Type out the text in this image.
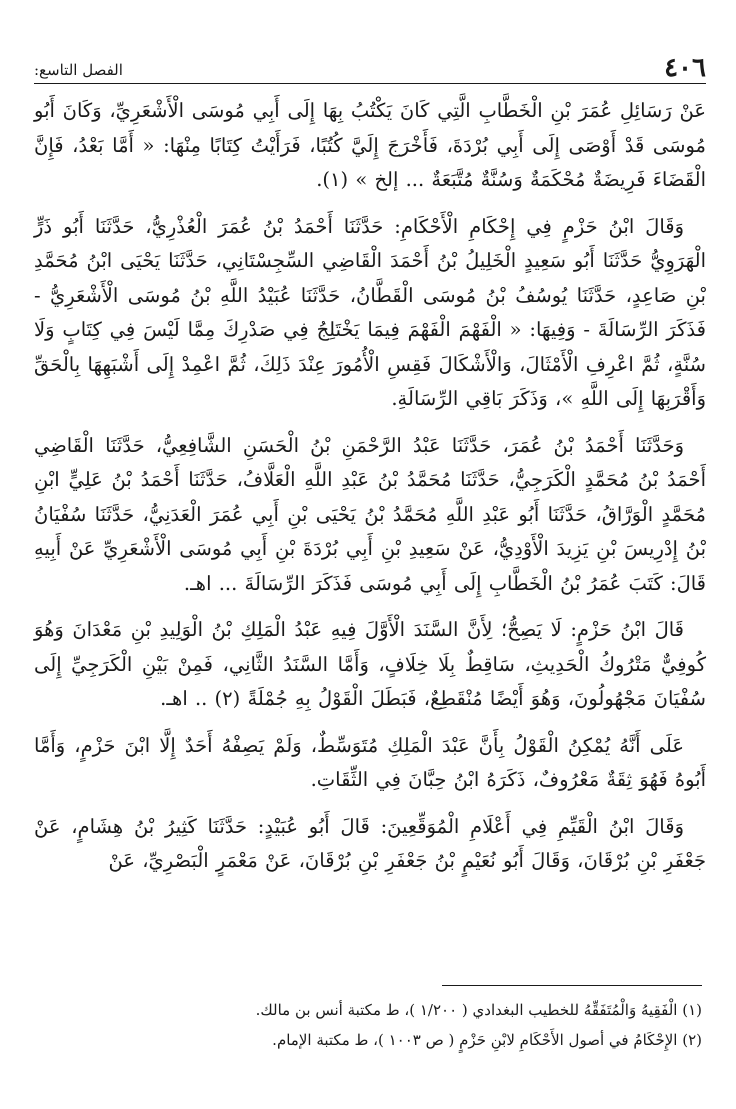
٤٠٦
الفصل التاسع:

عَنْ رَسَائِلِ عُمَرَ بْنِ الْخَطَّابِ الَّتِي كَانَ يَكْتُبُ بِهَا إِلَى أَبِي مُوسَى الْأَشْعَرِيِّ، وَكَانَ أَبُو مُوسَى قَدْ أَوْصَى إِلَى أَبِي بُرْدَةَ، فَأَخْرَجَ إِلَيَّ كُتُبًا، فَرَأَيْتُ كِتَابًا مِنْهَا: « أَمَّا بَعْدُ، فَإِنَّ الْقَضَاءَ فَرِيضَةٌ مُحْكَمَةٌ وَسُنَّةٌ مُتَّبَعَةٌ ... إلخ » (١).

وَقَالَ ابْنُ حَزْمٍ فِي إِحْكَامِ الْأَحْكَامِ: حَدَّثَنَا أَحْمَدُ بْنُ عُمَرَ الْعُذْرِيُّ، حَدَّثَنَا أَبُو ذَرٍّ الْهَرَوِيُّ حَدَّثَنَا أَبُو سَعِيدٍ الْخَلِيلُ بْنُ أَحْمَدَ الْقَاضِي السِّجِسْتَانِي، حَدَّثَنَا يَحْيَى ابْنُ مُحَمَّدِ بْنِ صَاعِدٍ، حَدَّثَنَا يُوسُفُ بْنُ مُوسَى الْقَطَّانُ، حَدَّثَنَا عُبَيْدُ اللَّهِ بْنُ مُوسَى الْأَشْعَرِيُّ - فَذَكَرَ الرِّسَالَةَ - وَفِيهَا: « الْفَهْمَ الْفَهْمَ فِيمَا يَخْتَلِجُ فِي صَدْرِكَ مِمَّا لَيْسَ فِي كِتَابٍ وَلَا سُنَّةٍ، ثُمَّ اعْرِفِ الْأَمْثَالَ، وَالْأَشْكَالَ فَقِسِ الْأُمُورَ عِنْدَ ذَلِكَ، ثُمَّ اعْمِدْ إِلَى أَشْبَهِهَا بِالْحَقِّ وَأَقْرَبِهَا إِلَى اللَّهِ »، وَذَكَرَ بَاقِي الرِّسَالَةِ.

وَحَدَّثَنَا أَحْمَدُ بْنُ عُمَرَ، حَدَّثَنَا عَبْدُ الرَّحْمَنِ بْنُ الْحَسَنِ الشَّافِعِيُّ، حَدَّثَنَا الْقَاضِي أَحْمَدُ بْنُ مُحَمَّدٍ الْكَرَجِيُّ، حَدَّثَنَا مُحَمَّدُ بْنُ عَبْدِ اللَّهِ الْعَلَّافُ، حَدَّثَنَا أَحْمَدُ بْنُ عَلِيٍّ ابْنِ مُحَمَّدٍ الْوَرَّاقُ، حَدَّثَنَا أَبُو عَبْدِ اللَّهِ مُحَمَّدُ بْنُ يَحْيَى بْنِ أَبِي عُمَرَ الْعَدَنِيُّ، حَدَّثَنَا سُفْيَانُ بْنُ إِدْرِيسَ بْنِ يَزِيدَ الْأَوْدِيُّ، عَنْ سَعِيدِ بْنِ أَبِي بُرْدَةَ بْنِ أَبِي مُوسَى الْأَشْعَرِيِّ عَنْ أَبِيهِ قَالَ: كَتَبَ عُمَرُ بْنُ الْخَطَّابِ إِلَى أَبِي مُوسَى فَذَكَرَ الرِّسَالَةَ ... اهـ.

قَالَ ابْنُ حَزْمٍ: لَا يَصِحُّ؛ لِأَنَّ السَّنَدَ الْأَوَّلَ فِيهِ عَبْدُ الْمَلِكِ بْنُ الْوَلِيدِ بْنِ مَعْدَانَ وَهُوَ كُوفِيٌّ مَتْرُوكُ الْحَدِيثِ، سَاقِطٌ بِلَا خِلَافٍ، وَأَمَّا السَّنَدُ الثَّانِي، فَمِنْ بَيْنِ الْكَرَجِيِّ إِلَى سُفْيَانَ مَجْهُولُونَ، وَهُوَ أَيْضًا مُنْقَطِعٌ، فَبَطَلَ الْقَوْلُ بِهِ جُمْلَةً (٢) .. اهـ.

عَلَى أَنَّهُ يُمْكِنُ الْقَوْلُ بِأَنَّ عَبْدَ الْمَلِكِ مُتَوَسِّطٌ، وَلَمْ يَصِفْهُ أَحَدٌ إِلَّا ابْنَ حَزْمٍ، وَأَمَّا أَبُوهُ فَهُوَ ثِقَةٌ مَعْرُوفٌ، ذَكَرَهُ ابْنُ حِبَّانَ فِي الثِّقَاتِ.

وَقَالَ ابْنُ الْقَيِّمِ فِي أَعْلَامِ الْمُوَقِّعِينَ: قَالَ أَبُو عُبَيْدٍ: حَدَّثَنَا كَثِيرُ بْنُ هِشَامٍ، عَنْ جَعْفَرِ بْنِ بُرْقَانَ، وَقَالَ أَبُو نُعَيْمٍ بْنُ جَعْفَرِ بْنِ بُرْقَانَ، عَنْ مَعْمَرٍ الْبَصْرِيِّ، عَنْ

(١) الْفَقِيهُ وَالْمُتَفَقِّهُ للخطيب البغدادي ( ١/٢٠٠ )، ط مكتبة أنس بن مالك.

(٢) الإِحْكَامُ في أصول الأَحْكَامِ لابْنِ حَزْمٍ ( ص ١٠٠٣ )، ط مكتبة الإمام.
